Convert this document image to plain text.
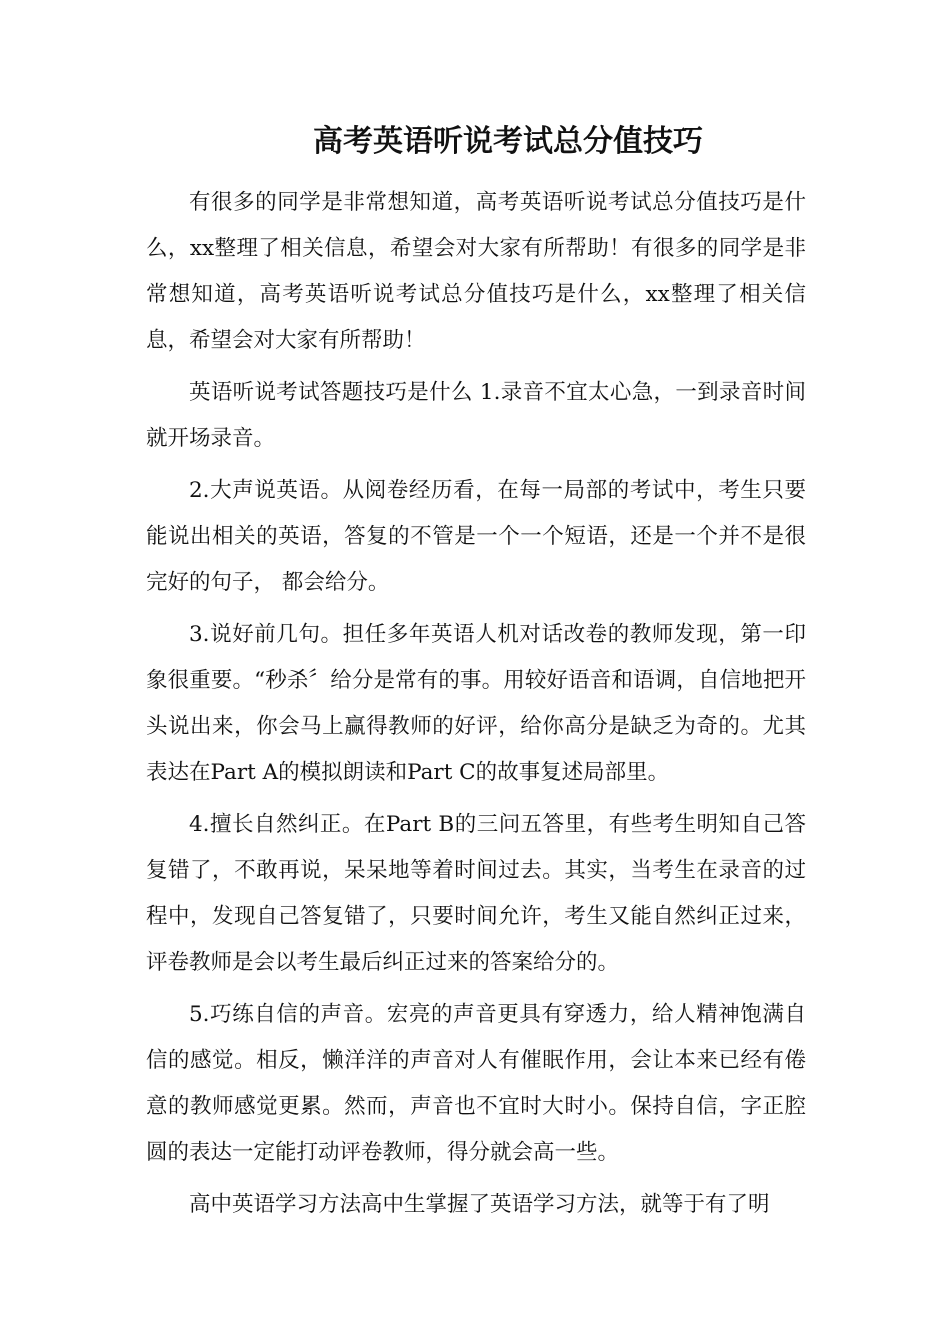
高考英语听说考试总分值技巧

有很多的同学是非常想知道，高考英语听说考试总分值技巧是什么，xx整理了相关信息，希望会对大家有所帮助！有很多的同学是非常想知道，高考英语听说考试总分值技巧是什么，xx整理了相关信息，希望会对大家有所帮助！

英语听说考试答题技巧是什么 1.录音不宜太心急，一到录音时间就开场录音。

2.大声说英语。从阅卷经历看，在每一局部的考试中，考生只要能说出相关的英语，答复的不管是一个一个短语，还是一个并不是很完好的句子， 都会给分。

3.说好前几句。担任多年英语人机对话改卷的教师发现，第一印象很重要。“秒杀〞给分是常有的事。用较好语音和语调，自信地把开头说出来，你会马上赢得教师的好评，给你高分是缺乏为奇的。尤其表达在Part A的模拟朗读和Part C的故事复述局部里。

4.擅长自然纠正。在Part B的三问五答里，有些考生明知自己答复错了，不敢再说，呆呆地等着时间过去。其实，当考生在录音的过程中，发现自己答复错了，只要时间允许，考生又能自然纠正过来，评卷教师是会以考生最后纠正过来的答案给分的。

5.巧练自信的声音。宏亮的声音更具有穿透力，给人精神饱满自信的感觉。相反，懒洋洋的声音对人有催眠作用，会让本来已经有倦意的教师感觉更累。然而，声音也不宜时大时小。保持自信，字正腔圆的表达一定能打动评卷教师，得分就会高一些。

高中英语学习方法高中生掌握了英语学习方法，就等于有了明
